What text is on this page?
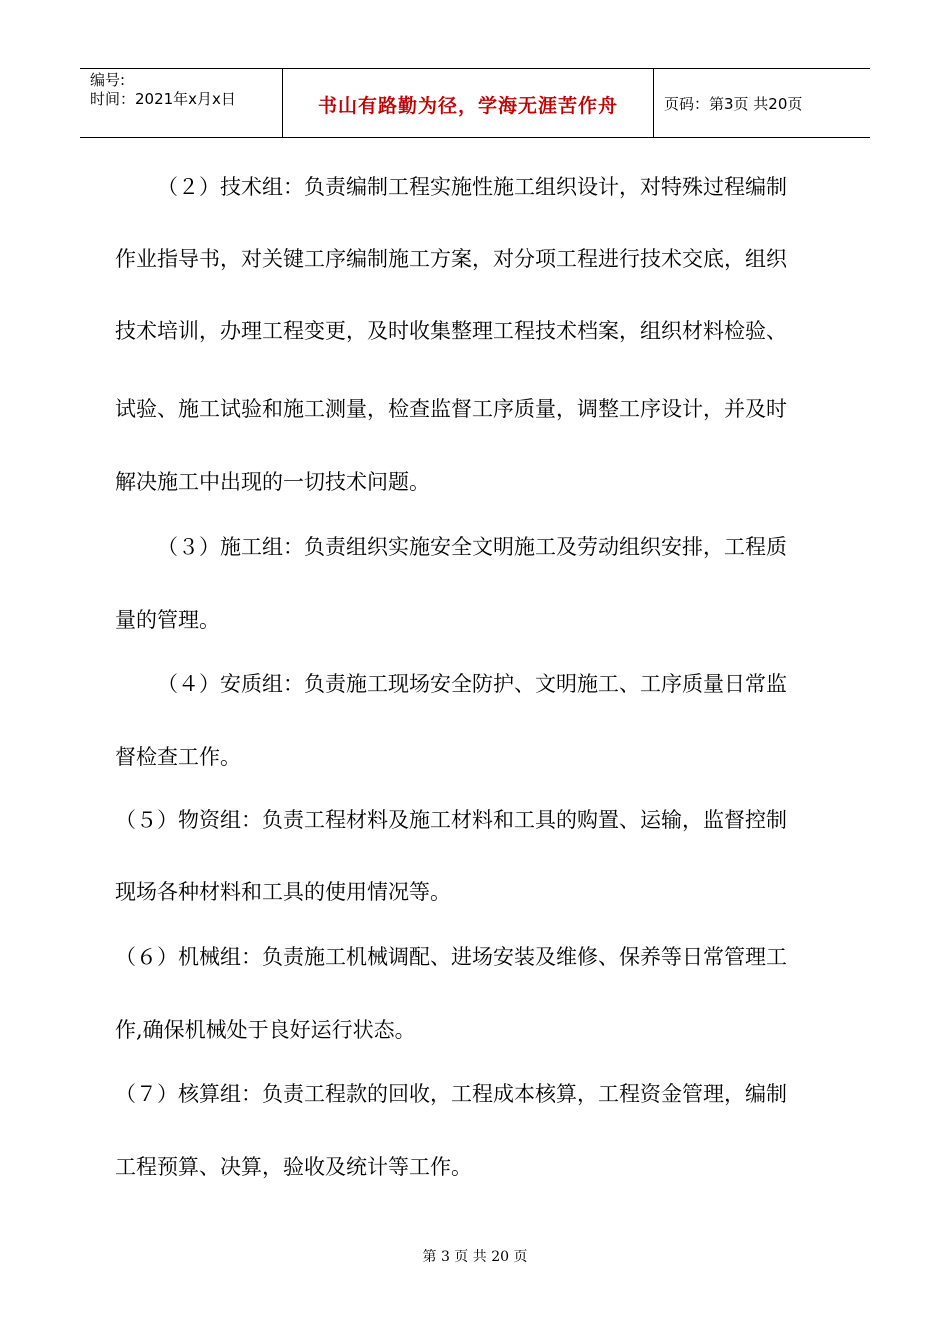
编号:
时间：2021年x月x日	书山有路勤为径，学海无涯苦作舟	页码：第3页 共20页
（２）技术组：负责编制工程实施性施工组织设计，对特殊过程编制
作业指导书，对关键工序编制施工方案，对分项工程进行技术交底，组织
技术培训，办理工程变更，及时收集整理工程技术档案，组织材料检验、
试验、施工试验和施工测量，检查监督工序质量，调整工序设计，并及时
解决施工中出现的一切技术问题。
（３）施工组：负责组织实施安全文明施工及劳动组织安排，工程质
量的管理。
（４）安质组：负责施工现场安全防护、文明施工、工序质量日常监
督检查工作。
（５）物资组：负责工程材料及施工材料和工具的购置、运输，监督控制
现场各种材料和工具的使用情况等。
（６）机械组：负责施工机械调配、进场安装及维修、保养等日常管理工
作,确保机械处于良好运行状态。
（７）核算组：负责工程款的回收，工程成本核算，工程资金管理，编制
工程预算、决算，验收及统计等工作。
第 3 页 共 20 页
